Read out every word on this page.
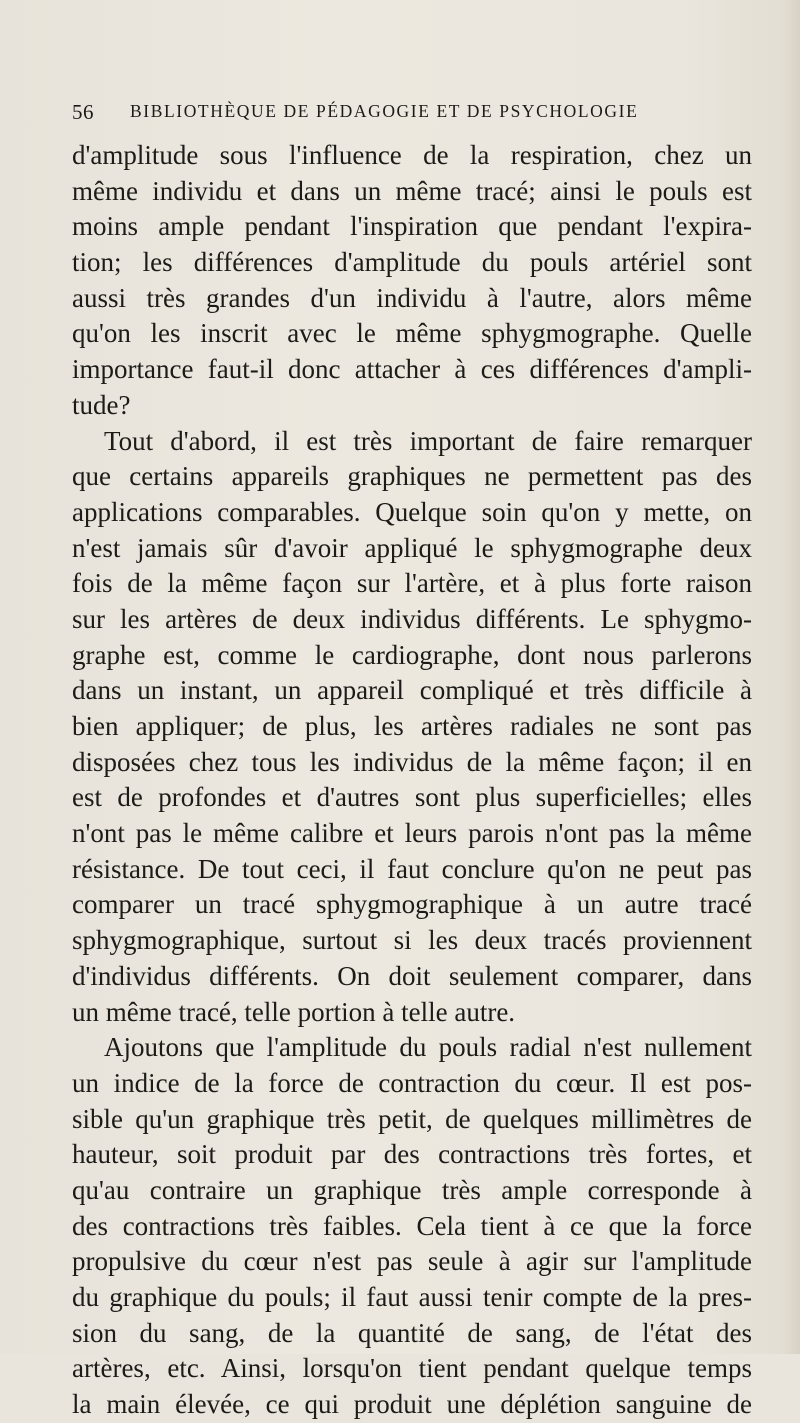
56 BIBLIOTHÈQUE DE PÉDAGOGIE ET DE PSYCHOLOGIE
d'amplitude sous l'influence de la respiration, chez un
même individu et dans un même tracé; ainsi le pouls est
moins ample pendant l'inspiration que pendant l'expira-
tion; les différences d'amplitude du pouls artériel sont
aussi très grandes d'un individu à l'autre, alors même
qu'on les inscrit avec le même sphygmographe. Quelle
importance faut-il donc attacher à ces différences d'ampli-
tude?
Tout d'abord, il est très important de faire remarquer
que certains appareils graphiques ne permettent pas des
applications comparables. Quelque soin qu'on y mette, on
n'est jamais sûr d'avoir appliqué le sphygmographe deux
fois de la même façon sur l'artère, et à plus forte raison
sur les artères de deux individus différents. Le sphygmo-
graphe est, comme le cardiographe, dont nous parlerons
dans un instant, un appareil compliqué et très difficile à
bien appliquer; de plus, les artères radiales ne sont pas
disposées chez tous les individus de la même façon; il en
est de profondes et d'autres sont plus superficielles; elles
n'ont pas le même calibre et leurs parois n'ont pas la même
résistance. De tout ceci, il faut conclure qu'on ne peut pas
comparer un tracé sphygmographique à un autre tracé
sphygmographique, surtout si les deux tracés proviennent
d'individus différents. On doit seulement comparer, dans
un même tracé, telle portion à telle autre.
Ajoutons que l'amplitude du pouls radial n'est nullement
un indice de la force de contraction du cœur. Il est pos-
sible qu'un graphique très petit, de quelques millimètres de
hauteur, soit produit par des contractions très fortes, et
qu'au contraire un graphique très ample corresponde à
des contractions très faibles. Cela tient à ce que la force
propulsive du cœur n'est pas seule à agir sur l'amplitude
du graphique du pouls; il faut aussi tenir compte de la pres-
sion du sang, de la quantité de sang, de l'état des
artères, etc. Ainsi, lorsqu'on tient pendant quelque temps
la main élevée, ce qui produit une déplétion sanguine de
